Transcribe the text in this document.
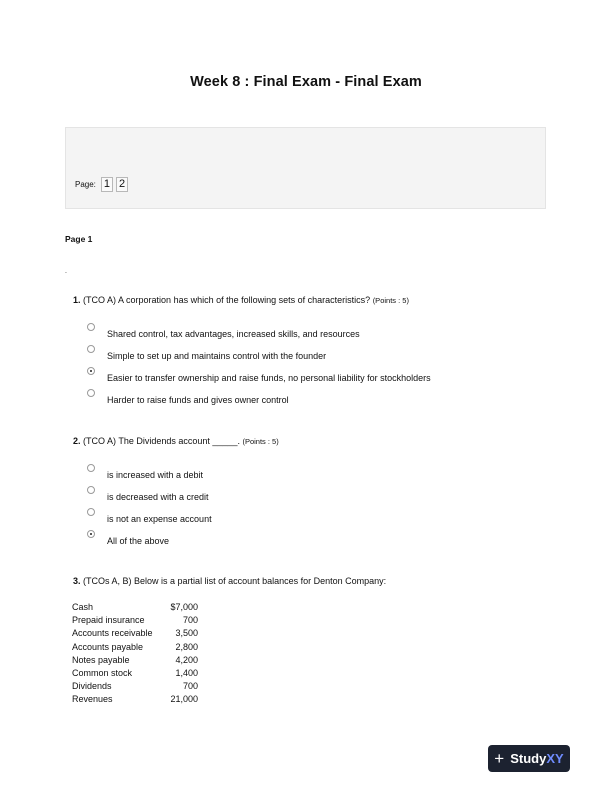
Week 8 : Final Exam - Final Exam
Page: 1 2
Page 1
.
1. (TCO A) A corporation has which of the following sets of characteristics? (Points : 5)
Shared control, tax advantages, increased skills, and resources
Simple to set up and maintains control with the founder
Easier to transfer ownership and raise funds, no personal liability for stockholders
Harder to raise funds and gives owner control
2. (TCO A) The Dividends account _____. (Points : 5)
is increased with a debit
is decreased with a credit
is not an expense account
All of the above
3. (TCOs A, B) Below is a partial list of account balances for Denton Company:
Cash	$7,000
Prepaid insurance	700
Accounts receivable	3,500
Accounts payable	2,800
Notes payable	4,200
Common stock	1,400
Dividends	700
Revenues	21,000
+ Study XY
